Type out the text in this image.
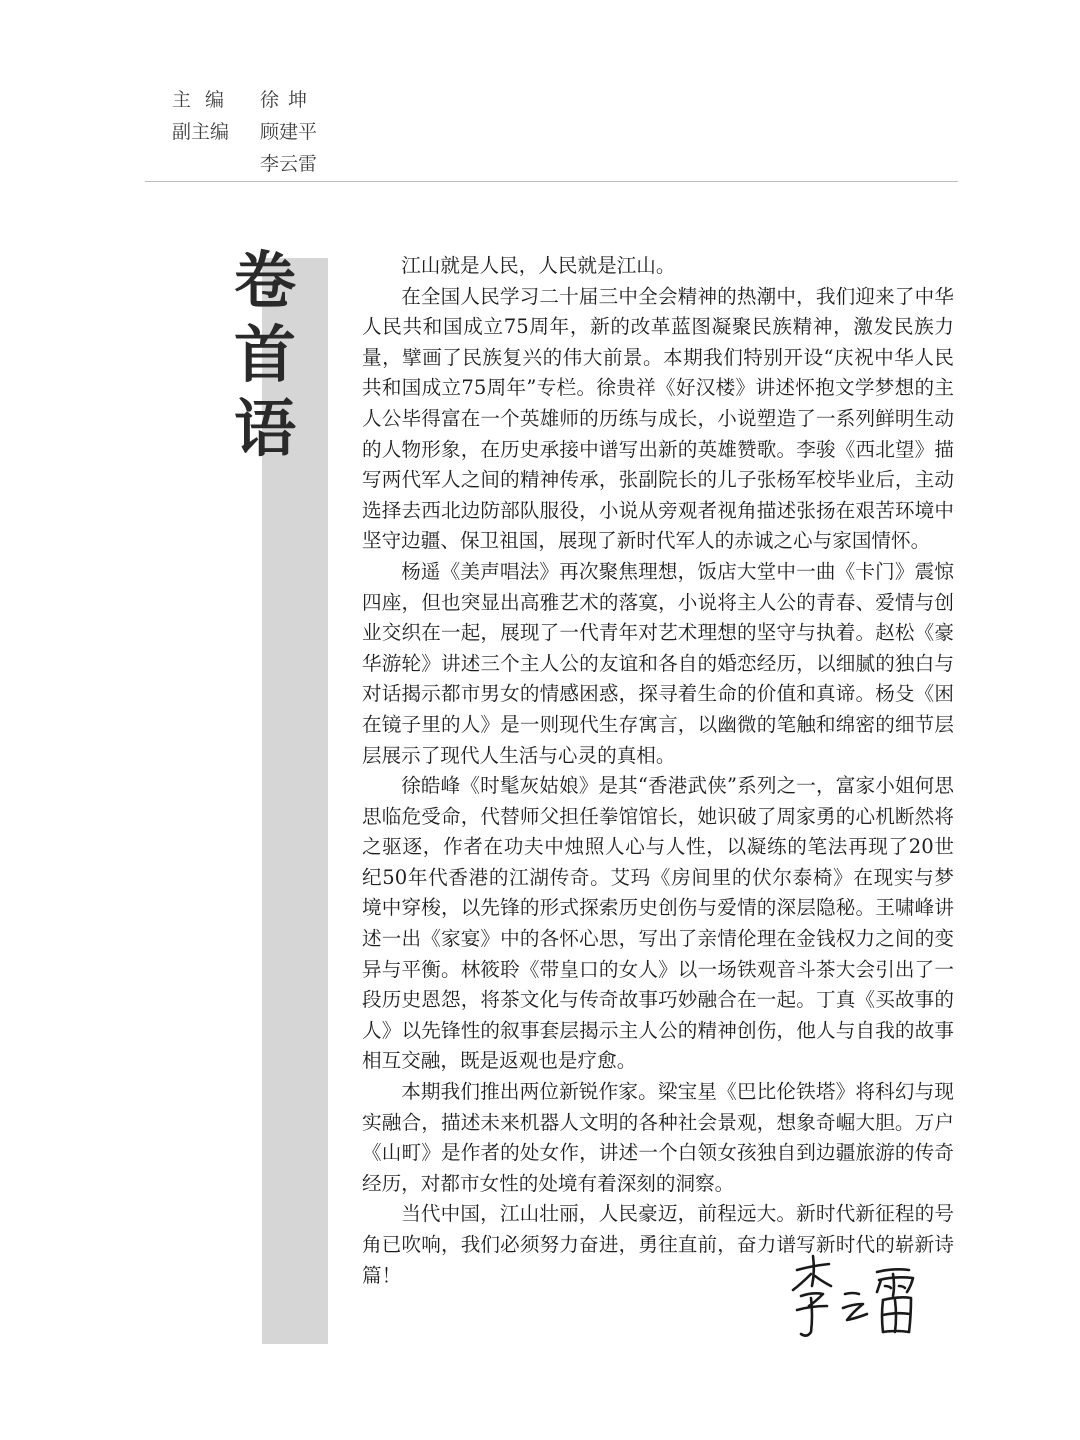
主编 徐坤
副主编 顾建平
李云雷
卷
首
语

江山就是人民，人民就是江山。

在全国人民学习二十届三中全会精神的热潮中，我们迎来了中华人民共和国成立75周年，新的改革蓝图凝聚民族精神，激发民族力量，擘画了民族复兴的伟大前景。本期我们特别开设“庆祝中华人民共和国成立75周年”专栏。徐贵祥《好汉楼》讲述怀抱文学梦想的主人公毕得富在一个英雄师的历练与成长，小说塑造了一系列鲜明生动的人物形象，在历史承接中谱写出新的英雄赞歌。李骏《西北望》描写两代军人之间的精神传承，张副院长的儿子张杨军校毕业后，主动选择去西北边防部队服役，小说从旁观者视角描述张扬在艰苦环境中坚守边疆、保卫祖国，展现了新时代军人的赤诚之心与家国情怀。

杨遥《美声唱法》再次聚焦理想，饭店大堂中一曲《卡门》震惊四座，但也突显出高雅艺术的落寞，小说将主人公的青春、爱情与创业交织在一起，展现了一代青年对艺术理想的坚守与执着。赵松《豪华游轮》讲述三个主人公的友谊和各自的婚恋经历，以细腻的独白与对话揭示都市男女的情感困惑，探寻着生命的价值和真谛。杨殳《困在镜子里的人》是一则现代生存寓言，以幽微的笔触和绵密的细节层层展示了现代人生活与心灵的真相。

徐皓峰《时髦灰姑娘》是其“香港武侠”系列之一，富家小姐何思思临危受命，代替师父担任拳馆馆长，她识破了周家勇的心机断然将之驱逐，作者在功夫中烛照人心与人性，以凝练的笔法再现了20世纪50年代香港的江湖传奇。艾玛《房间里的伏尔泰椅》在现实与梦境中穿梭，以先锋的形式探索历史创伤与爱情的深层隐秘。王啸峰讲述一出《家宴》中的各怀心思，写出了亲情伦理在金钱权力之间的变异与平衡。林筱聆《带皇口的女人》以一场铁观音斗茶大会引出了一段历史恩怨，将茶文化与传奇故事巧妙融合在一起。丁真《买故事的人》以先锋性的叙事套层揭示主人公的精神创伤，他人与自我的故事相互交融，既是返观也是疗愈。

本期我们推出两位新锐作家。梁宝星《巴比伦铁塔》将科幻与现实融合，描述未来机器人文明的各种社会景观，想象奇崛大胆。万户《山町》是作者的处女作，讲述一个白领女孩独自到边疆旅游的传奇经历，对都市女性的处境有着深刻的洞察。

当代中国，江山壮丽，人民豪迈，前程远大。新时代新征程的号角已吹响，我们必须努力奋进，勇往直前，奋力谱写新时代的崭新诗篇！
